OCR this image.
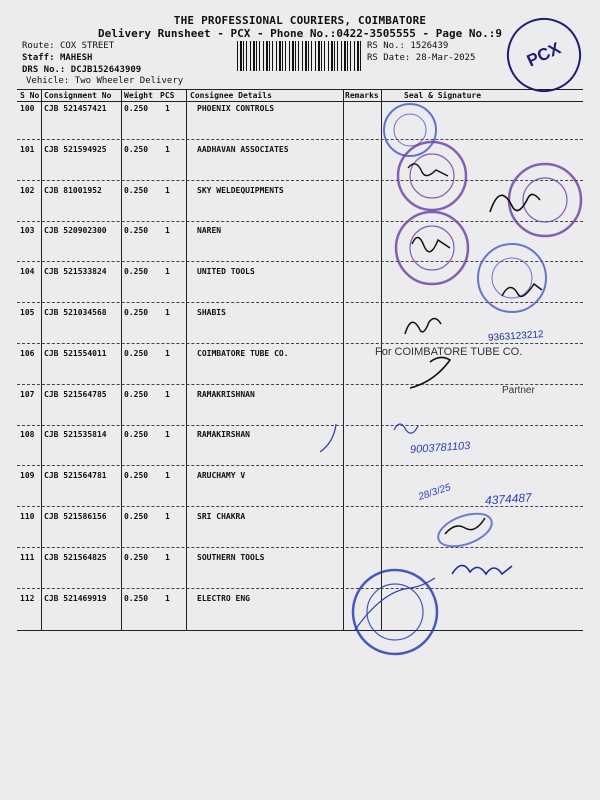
THE PROFESSIONAL COURIERS, COIMBATORE
Delivery Runsheet - PCX - Phone No.:0422-3505555 - Page No.:9
Route: COX STREET
Staff: MAHESH
DRS No.: DCJB152643909
Vehicle: Two Wheeler Delivery
RS No.: 1526439
RS Date: 28-Mar-2025	PCX
S No Consignment No Weight PCS Consignee Details	Remarks	Seal & Signature
100 CJB 521457421 0.250 1	PHOENIX CONTROLS
101 CJB 521594925 0.250 1	AADHAVAN ASSOCIATES
102 CJB 81001952	0.250 1	SKY WELDEQUIPMENTS
103 CJB 520902300 0.250 1	NAREN
104 CJB 521533824 0.250 1	UNITED TOOLS
105 CJB 521034568 0.250 1	SHABIS
106 CJB 521554011 0.250 1	COIMBATORE TUBE CO.
107 CJB 521564785 0.250 1	RAMAKRISHNAN
108 CJB 521535814 0.250 1	RAMAKIRSHAN
109 CJB 521564781 0.250 1	ARUCHAMY V
110 CJB 521586156 0.250 1	SRI CHAKRA
111 CJB 521564825 0.250 1	SOUTHERN TOOLS
112 CJB 521469919 0.250 1	ELECTRO ENG
For COIMBATORE TUBE CO.
Partner
9363123212
9003781103
28/3/25	4374487
